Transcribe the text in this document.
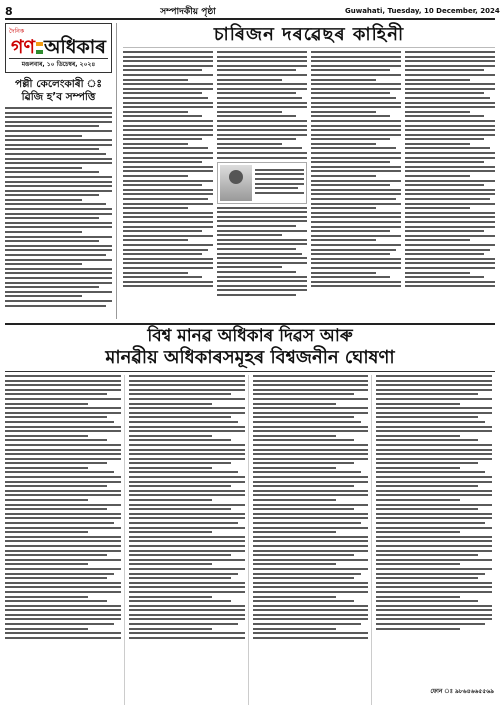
8	সম্পাদকীয় পৃষ্ঠা	Guwahati, Tuesday, 10 December, 2024
দৈনিক
গণ অধিকাৰ
মঙলবাৰ, ১০ ডিচেম্বৰ, ২০২৪
পল্লী কেলেংকাৰী ঃ ৱিজি হ’ব সম্পত্তি
চাৰিজন দৰৱেছৰ কাহিনী
বিশ্ব মানৱ অধিকাৰ দিৱস আৰু
মানৱীয় অধিকাৰসমূহৰ বিশ্বজনীন ঘোষণা
ফোন ঃ ৯৮৬৪৬৬৫৫৬৯
